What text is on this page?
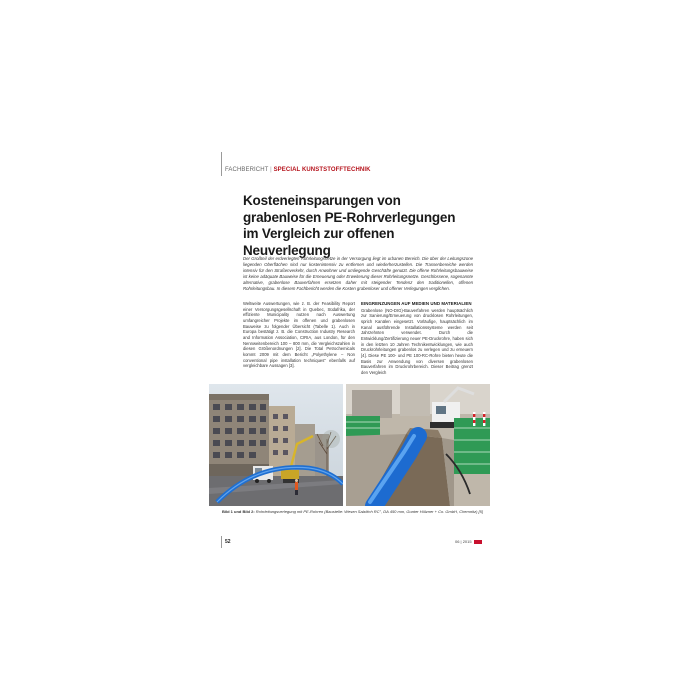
FACHBERICHT | SPECIAL KUNSTSTOFFTECHNIK
Kosteneinsparungen von grabenlosen PE-Rohrverlegungen im Vergleich zur offenen Neuverlegung

Der Großteil der erdverlegten Rohrleitungsnetze in der Versorgung liegt im urbanen Bereich. Die über der Leitungszone liegenden Oberflächen sind nur kostenintensiv zu entfernen und wiederherzustellen. Die Trassenbereiche werden intensiv für den Straßenverkehr, durch Anwohner und umliegende Geschäfte genutzt. Die offene Rohrleitungsbauweise ist keine adäquate Bauweise für die Erneuerung oder Erweiterung dieser Rohrleitungsnetze. Geschlossene, sogenannte alternative, grabenlose Bauverfahren ersetzen daher mit steigender Tendenz den traditionellen, offenen Rohrleitungsbau. In diesem Fachbericht werden die Kosten grabenloser und offener Verlegungen verglichen.

Weltweite Auswertungen, wie z. B. der Feasibility Report einer Versorgungsgesellschaft in Quebec, Südafrika, der effiziente Municipality nutzen nach Auswertung umfangreicher Projekte im offenen und grabenlosen Bauweise zu folgender Übersicht (Tabelle 1). Auch in Europa bestätigt z. B. die Construction Industry Research and Information Association, CIRIA, aus London, für den Nennweitenbereich 100 – 800 mm, die Vergleichszahlen in diesen Größenordnungen [2]. Die Total Petrochemicals kommt 2009 mit dem Bericht „Polyethylene – Non conventional pipe installation techniques" ebenfalls auf vergleichbare Aussagen [3].

EINGRENZUNGEN AUF MEDIEN UND MATERIALIEN

Grabenlose (NO-DIG)-Bauverfahren werden hauptsächlich zur Sanierung/Erneuerung von drucklosen Rohrleitungen, sprich Kanälen eingesetzt. Vorläufige, hauptsächlich im Kanal ausführende Installationssysteme werden seit Jahrzehnten verwendet. Durch die Entwicklung/Zertifizierung neuer PE-Druckrohre, haben sich in den letzten 10 Jahren Technikentwicklungen, wie auch Druckrohrleitungen grabenlos zu verlegen und zu erneuern [4]. Diese PE 100- und PE 100-RC-Rohre bieten heute die Basis zur Anwendung von diversen grabenlosen Bauverfahren im Druckrohrbereich. Dieser Beitrag grenzt den Vergleich

Bild 1 und Bild 2: Rohrleitungsverlegung mit PE-Rohren (Baustelle: Wesen Salzlitch RC", DA 450 mm, Gunter Hülzner + Co. GmbH, Chemnitz) [5]
52	06 | 2015
